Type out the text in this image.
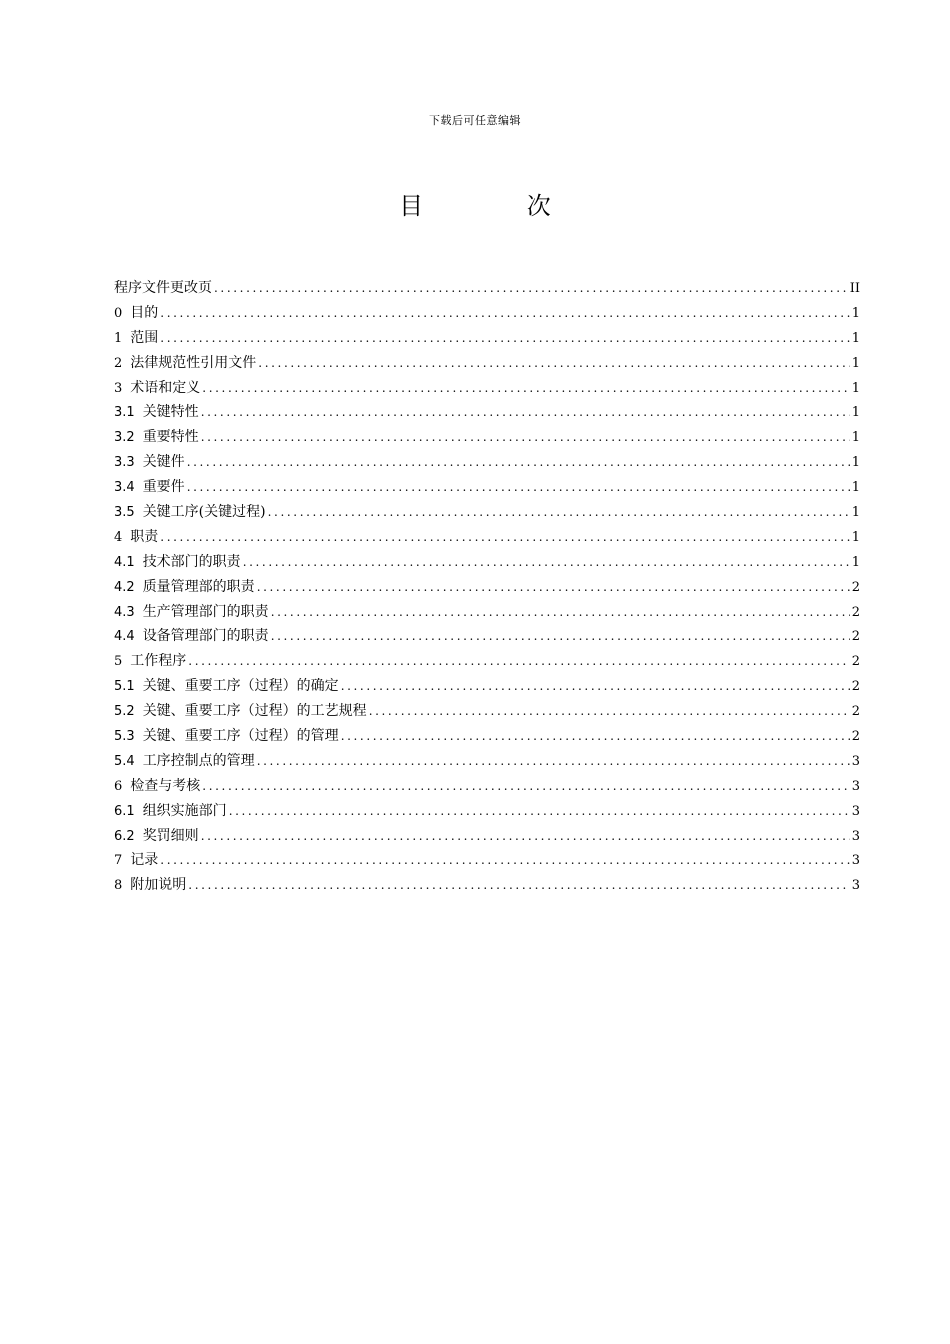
下载后可任意编辑
目 次
程序文件更改页 .....	II
0 目的 .....	1
1 范围 .....	1
2 法律规范性引用文件 .....	1
3 术语和定义 .....	1
3.1 关键特性 .....	1
3.2 重要特性 .....	1
3.3 关键件 .....	1
3.4 重要件 .....	1
3.5 关键工序(关键过程) .....	1
4 职责 .....	1
4.1 技术部门的职责 .....	1
4.2 质量管理部的职责 .....	2
4.3 生产管理部门的职责 .....	2
4.4 设备管理部门的职责 .....	2
5 工作程序 .....	2
5.1 关键、重要工序（过程）的确定 .....	2
5.2 关键、重要工序（过程）的工艺规程 .....	2
5.3 关键、重要工序（过程）的管理 .....	2
5.4 工序控制点的管理 .....	3
6 检查与考核 .....	3
6.1 组织实施部门 .....	3
6.2 奖罚细则 .....	3
7 记录 .....	3
8 附加说明 .....	3
